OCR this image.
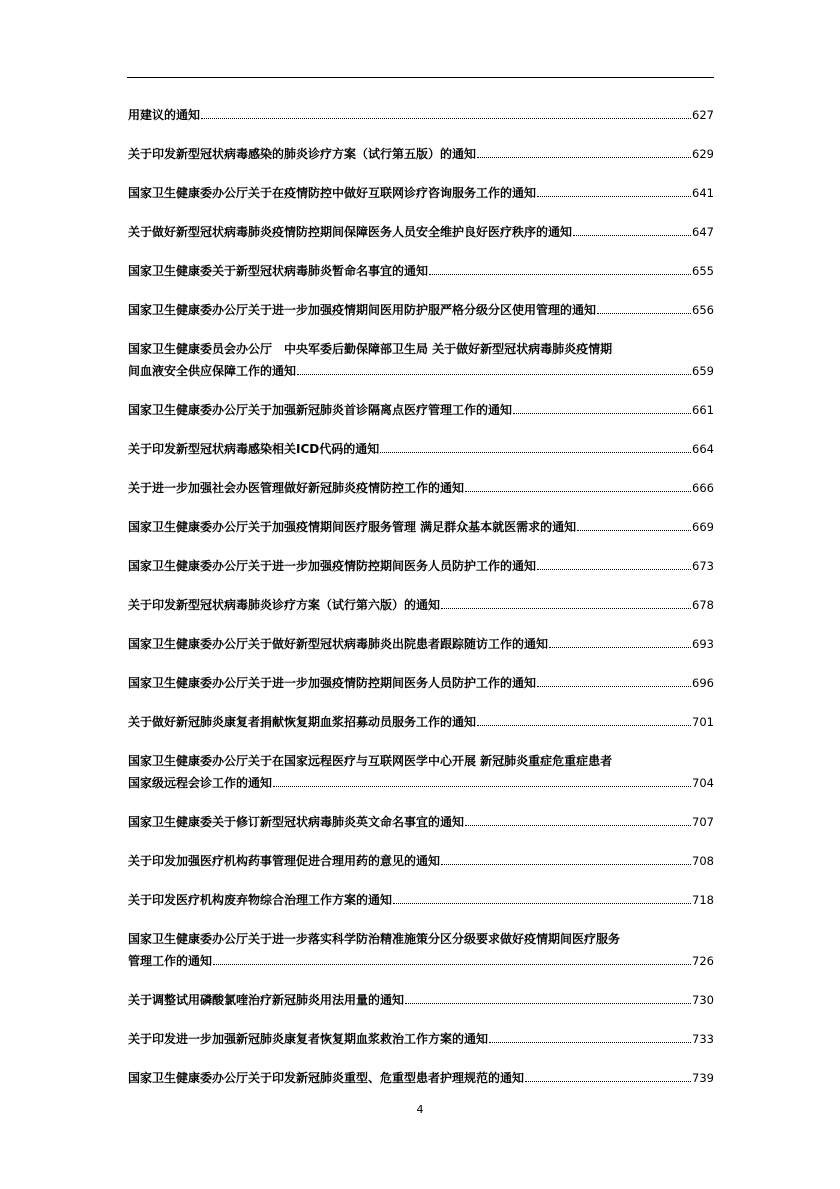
用建议的通知	627
关于印发新型冠状病毒感染的肺炎诊疗方案（试行第五版）的通知	629
国家卫生健康委办公厅关于在疫情防控中做好互联网诊疗咨询服务工作的通知	641
关于做好新型冠状病毒肺炎疫情防控期间保障医务人员安全维护良好医疗秩序的通知	647
国家卫生健康委关于新型冠状病毒肺炎暂命名事宜的通知	655
国家卫生健康委办公厅关于进一步加强疫情期间医用防护服严格分级分区使用管理的通知	656
国家卫生健康委员会办公厅　中央军委后勤保障部卫生局 关于做好新型冠状病毒肺炎疫情期
间血液安全供应保障工作的通知	659
国家卫生健康委办公厅关于加强新冠肺炎首诊隔离点医疗管理工作的通知	661
关于印发新型冠状病毒感染相关ICD代码的通知	664
关于进一步加强社会办医管理做好新冠肺炎疫情防控工作的通知	666
国家卫生健康委办公厅关于加强疫情期间医疗服务管理 满足群众基本就医需求的通知	669
国家卫生健康委办公厅关于进一步加强疫情防控期间医务人员防护工作的通知	673
关于印发新型冠状病毒肺炎诊疗方案（试行第六版）的通知	678
国家卫生健康委办公厅关于做好新型冠状病毒肺炎出院患者跟踪随访工作的通知	693
国家卫生健康委办公厅关于进一步加强疫情防控期间医务人员防护工作的通知	696
关于做好新冠肺炎康复者捐献恢复期血浆招募动员服务工作的通知	701
国家卫生健康委办公厅关于在国家远程医疗与互联网医学中心开展 新冠肺炎重症危重症患者
国家级远程会诊工作的通知	704
国家卫生健康委关于修订新型冠状病毒肺炎英文命名事宜的通知	707
关于印发加强医疗机构药事管理促进合理用药的意见的通知	708
关于印发医疗机构废弃物综合治理工作方案的通知	718
国家卫生健康委办公厅关于进一步落实科学防治精准施策分区分级要求做好疫情期间医疗服务
管理工作的通知	726
关于调整试用磷酸氯喹治疗新冠肺炎用法用量的通知	730
关于印发进一步加强新冠肺炎康复者恢复期血浆救治工作方案的通知	733
国家卫生健康委办公厅关于印发新冠肺炎重型、危重型患者护理规范的通知	739
4
